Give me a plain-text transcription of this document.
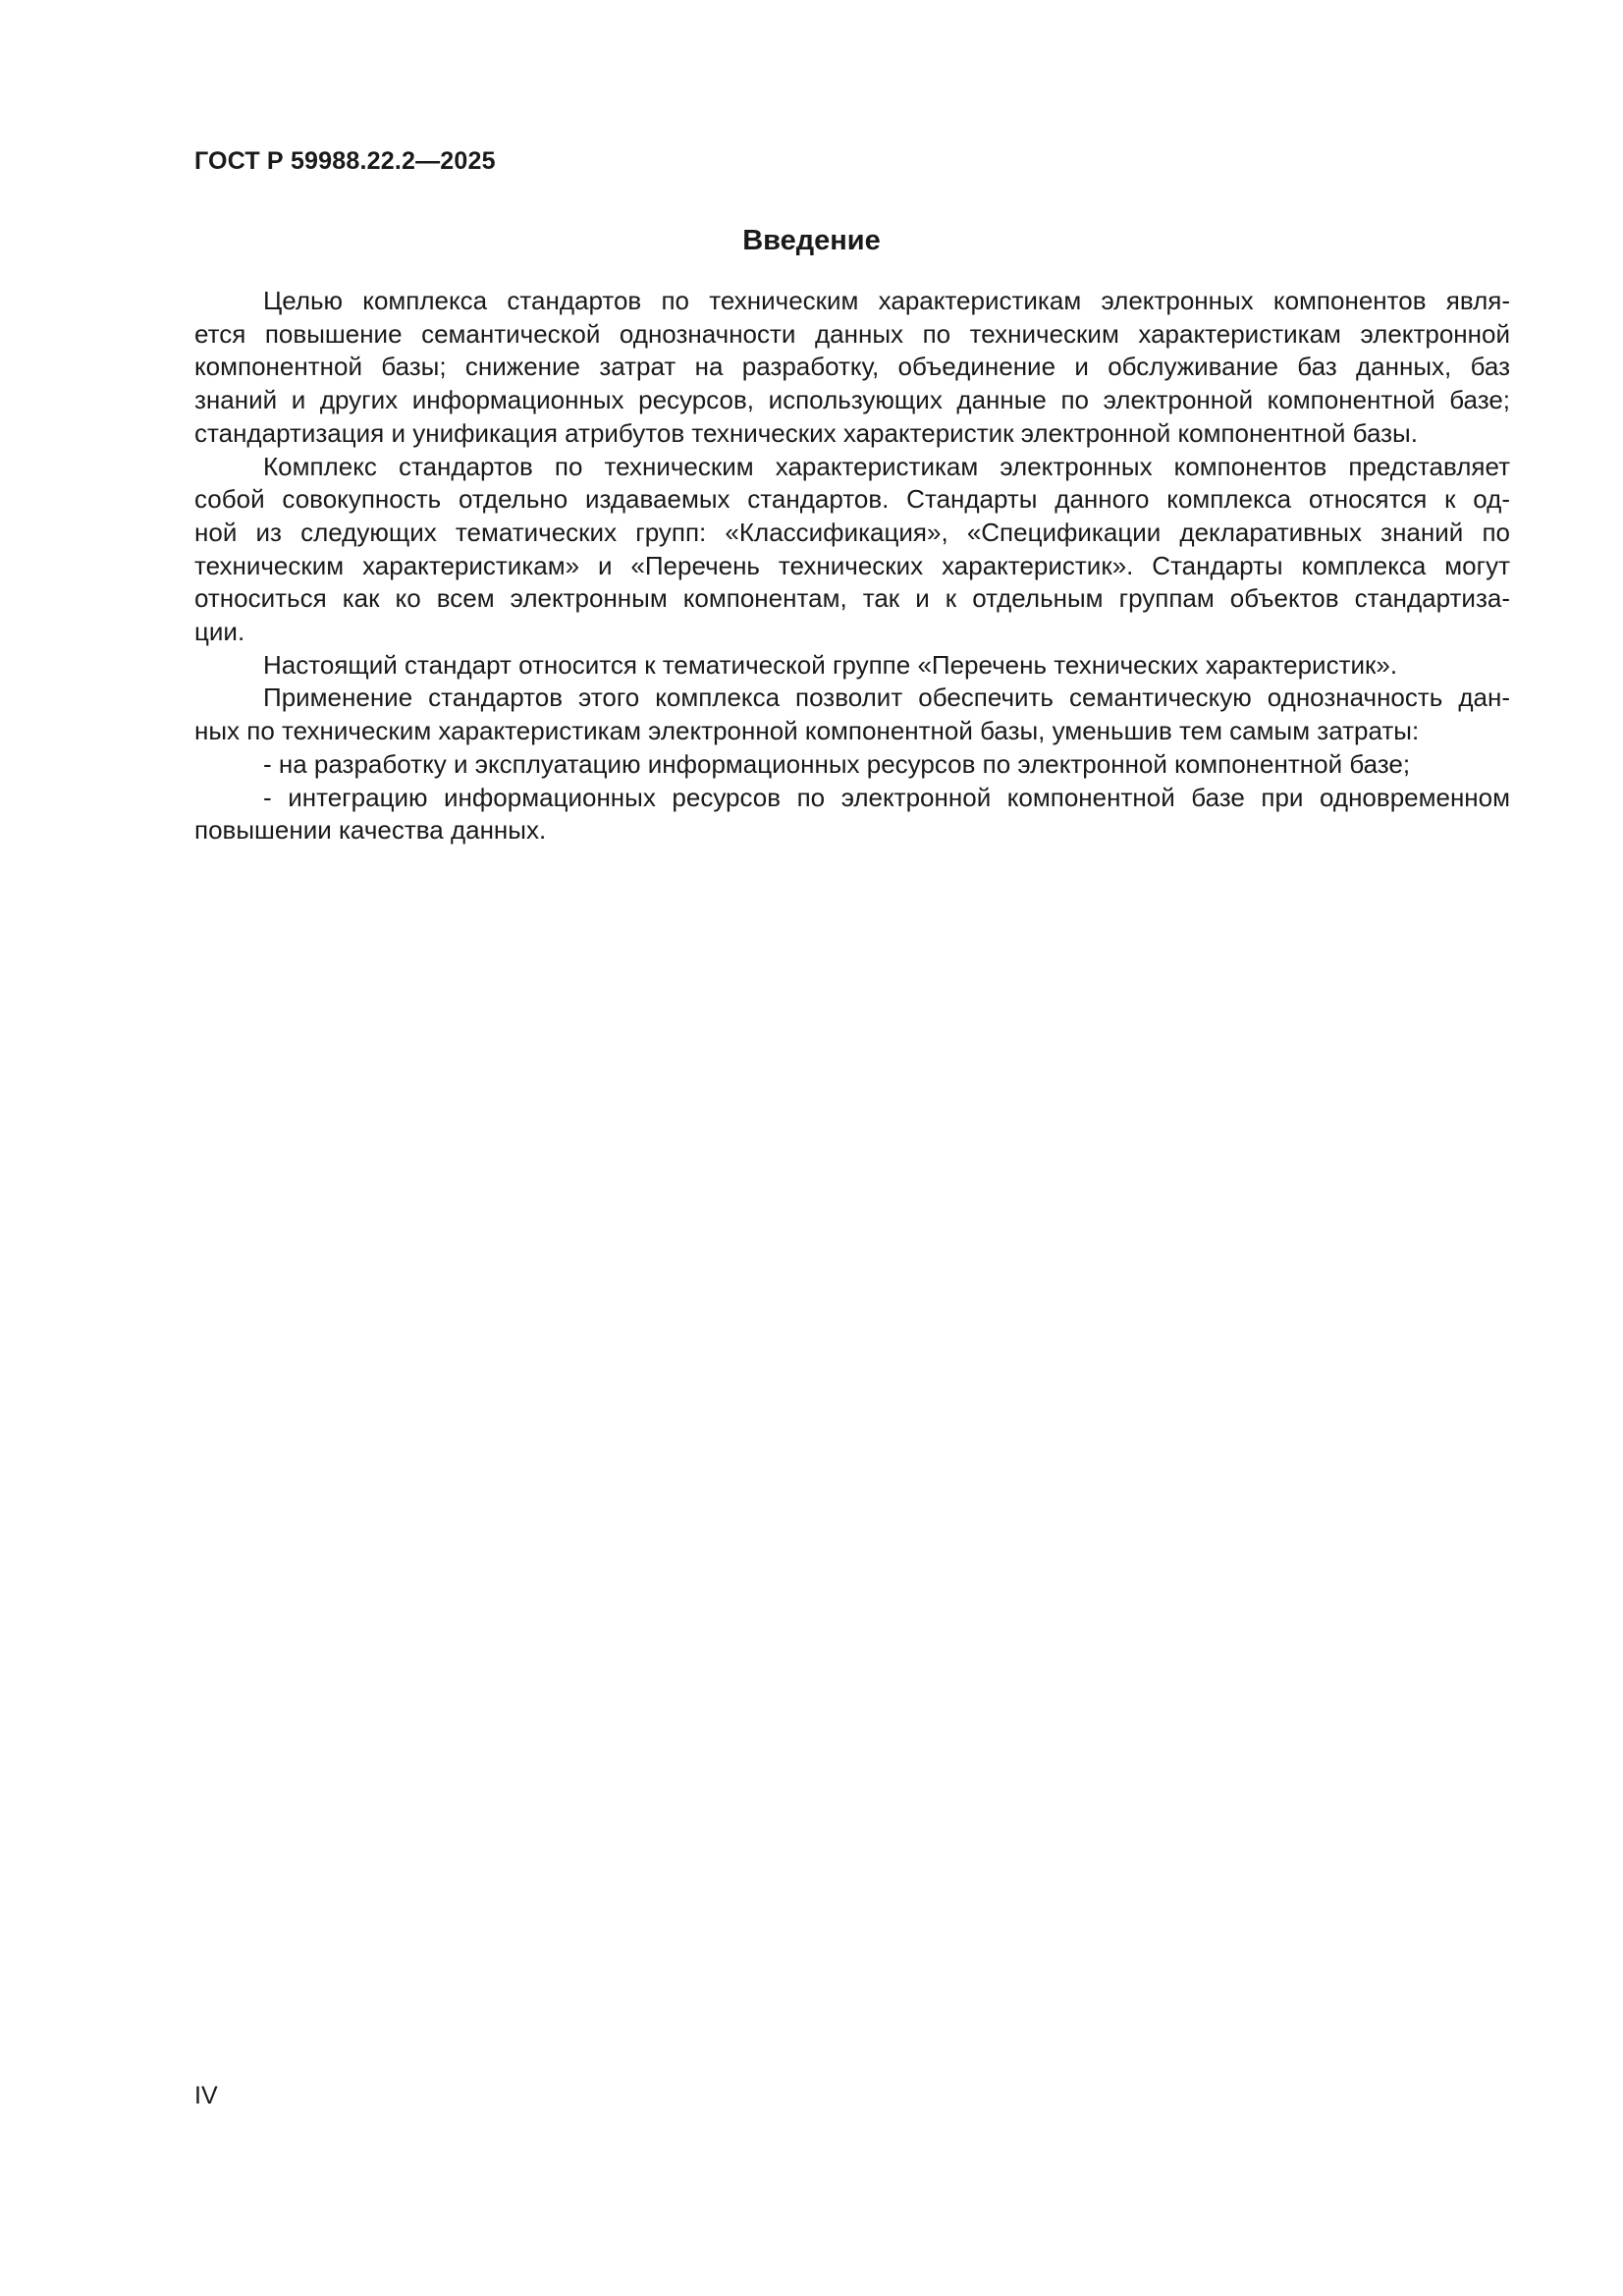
ГОСТ Р 59988.22.2—2025
Введение
Целью комплекса стандартов по техническим характеристикам электронных компонентов явля-
ется повышение семантической однозначности данных по техническим характеристикам электронной
компонентной базы; снижение затрат на разработку, объединение и обслуживание баз данных, баз
знаний и других информационных ресурсов, использующих данные по электронной компонентной базе;
стандартизация и унификация атрибутов технических характеристик электронной компонентной базы.
Комплекс стандартов по техническим характеристикам электронных компонентов представляет
собой совокупность отдельно издаваемых стандартов. Стандарты данного комплекса относятся к од-
ной из следующих тематических групп: «Классификация», «Спецификации декларативных знаний по
техническим характеристикам» и «Перечень технических характеристик». Стандарты комплекса могут
относиться как ко всем электронным компонентам, так и к отдельным группам объектов стандартиза-
ции.
Настоящий стандарт относится к тематической группе «Перечень технических характеристик».
Применение стандартов этого комплекса позволит обеспечить семантическую однозначность дан-
ных по техническим характеристикам электронной компонентной базы, уменьшив тем самым затраты:
- на разработку и эксплуатацию информационных ресурсов по электронной компонентной базе;
- интеграцию информационных ресурсов по электронной компонентной базе при одновременном
повышении качества данных.
IV
